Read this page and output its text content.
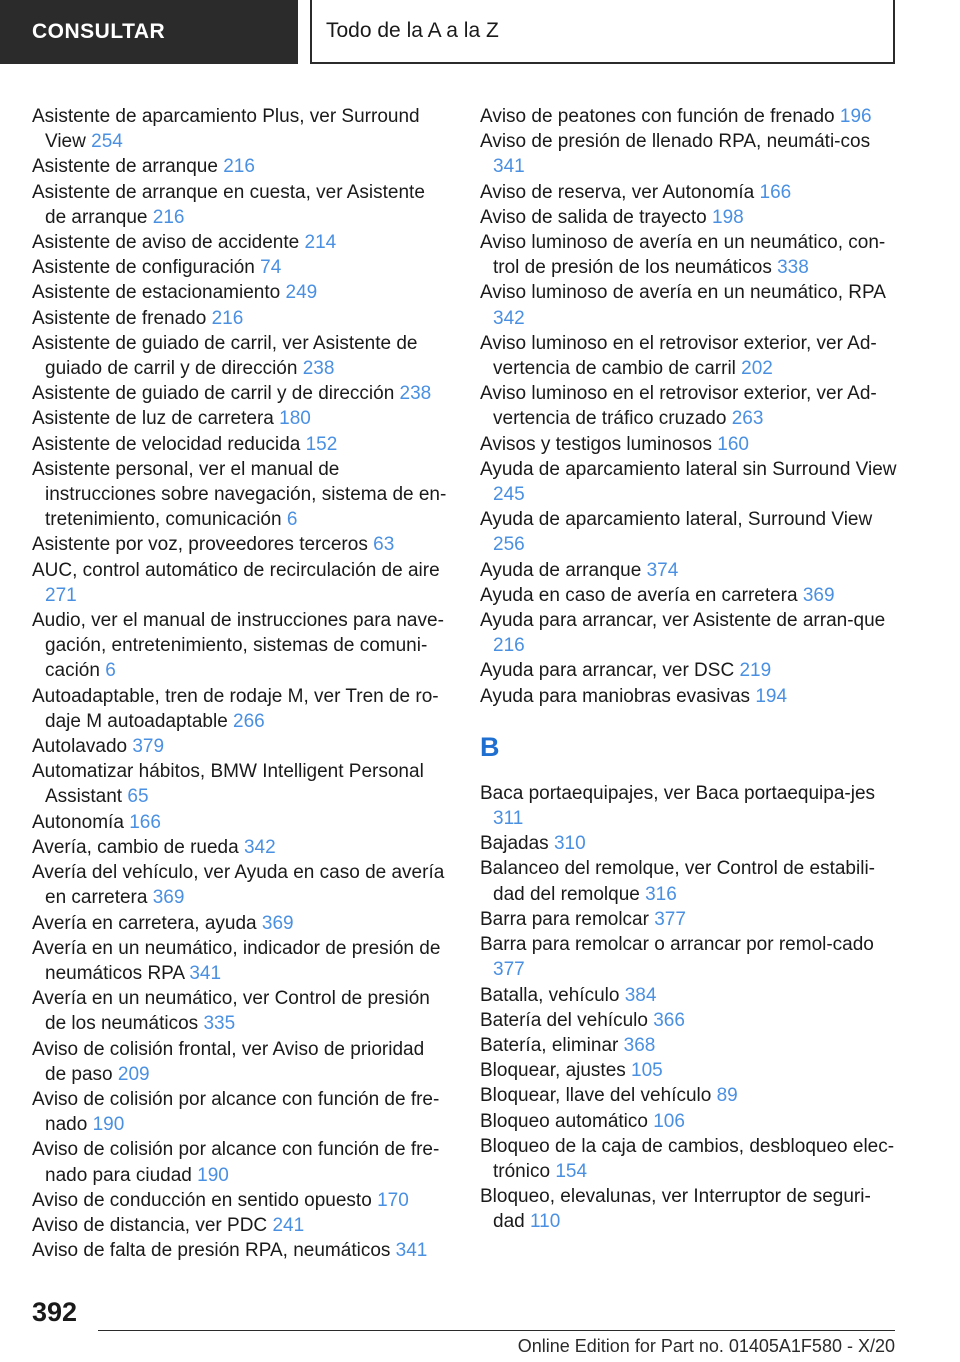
CONSULTAR	Todo de la A a la Z

Asistente de aparcamiento Plus, ver Surround View 254

Asistente de arranque 216

Asistente de arranque en cuesta, ver Asistente de arranque 216

Asistente de aviso de accidente 214

Asistente de configuración 74

Asistente de estacionamiento 249

Asistente de frenado 216

Asistente de guiado de carril, ver Asistente de guiado de carril y de dirección 238

Asistente de guiado de carril y de dirección 238

Asistente de luz de carretera 180

Asistente de velocidad reducida 152

Asistente personal, ver el manual de instrucciones sobre navegación, sistema de en-tretenimiento, comunicación 6

Asistente por voz, proveedores terceros 63

AUC, control automático de recirculación de aire 271

Audio, ver el manual de instrucciones para nave-gación, entretenimiento, sistemas de comuni-cación 6

Autoadaptable, tren de rodaje M, ver Tren de ro-daje M autoadaptable 266

Autolavado 379

Automatizar hábitos, BMW Intelligent Personal Assistant 65

Autonomía 166

Avería, cambio de rueda 342

Avería del vehículo, ver Ayuda en caso de avería en carretera 369

Avería en carretera, ayuda 369

Avería en un neumático, indicador de presión de neumáticos RPA 341

Avería en un neumático, ver Control de presión de los neumáticos 335

Aviso de colisión frontal, ver Aviso de prioridad de paso 209

Aviso de colisión por alcance con función de fre-nado 190

Aviso de colisión por alcance con función de fre-nado para ciudad 190

Aviso de conducción en sentido opuesto 170

Aviso de distancia, ver PDC 241

Aviso de falta de presión RPA, neumáticos 341

Aviso de peatones con función de frenado 196

Aviso de presión de llenado RPA, neumáti-cos 341

Aviso de reserva, ver Autonomía 166

Aviso de salida de trayecto 198

Aviso luminoso de avería en un neumático, con-trol de presión de los neumáticos 338

Aviso luminoso de avería en un neumático, RPA 342

Aviso luminoso en el retrovisor exterior, ver Ad-vertencia de cambio de carril 202

Aviso luminoso en el retrovisor exterior, ver Ad-vertencia de tráfico cruzado 263

Avisos y testigos luminosos 160

Ayuda de aparcamiento lateral sin Surround View 245

Ayuda de aparcamiento lateral, Surround View 256

Ayuda de arranque 374

Ayuda en caso de avería en carretera 369

Ayuda para arrancar, ver Asistente de arran-que 216

Ayuda para arrancar, ver DSC 219

Ayuda para maniobras evasivas 194

B

Baca portaequipajes, ver Baca portaequipa-jes 311

Bajadas 310

Balanceo del remolque, ver Control de estabili-dad del remolque 316

Barra para remolcar 377

Barra para remolcar o arrancar por remol-cado 377

Batalla, vehículo 384

Batería del vehículo 366

Batería, eliminar 368

Bloquear, ajustes 105

Bloquear, llave del vehículo 89

Bloqueo automático 106

Bloqueo de la caja de cambios, desbloqueo elec-trónico 154

Bloqueo, elevalunas, ver Interruptor de seguri-dad 110

392
Online Edition for Part no. 01405A1F580 - X/20
